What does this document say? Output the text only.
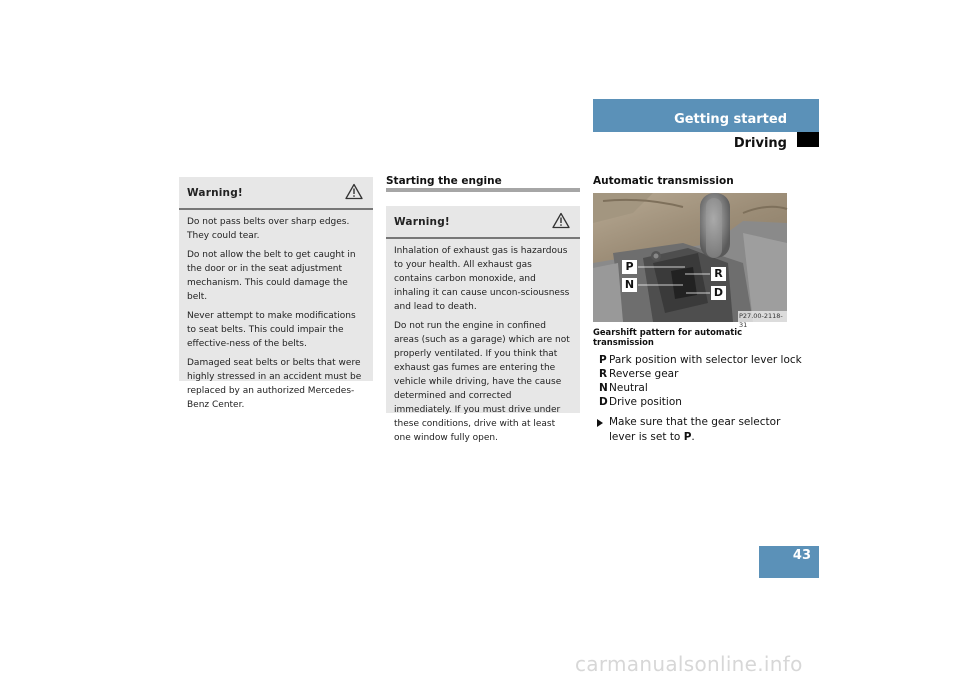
Getting started
Driving
Warning!

Do not pass belts over sharp edges. They could tear.

Do not allow the belt to get caught in the door or in the seat adjustment mechanism. This could damage the belt.

Never attempt to make modifications to seat belts. This could impair the effective-ness of the belts.

Damaged seat belts or belts that were highly stressed in an accident must be replaced by an authorized Mercedes-Benz Center.

Starting the engine
Warning!

Inhalation of exhaust gas is hazardous to your health. All exhaust gas contains carbon monoxide, and inhaling it can cause uncon-sciousness and lead to death.

Do not run the engine in confined areas (such as a garage) which are not properly ventilated. If you think that exhaust gas fumes are entering the vehicle while driving, have the cause determined and corrected immediately. If you must drive under these conditions, drive with at least one window fully open.

Automatic transmission
P
N
R
D
P27.00-2118-31
Gearshift pattern for automatic transmission
P Park position with selector lever lock
R Reverse gear
NNeutral
DDrive position
Make sure that the gear selector lever is set to P.
43
carmanualsonline.info
